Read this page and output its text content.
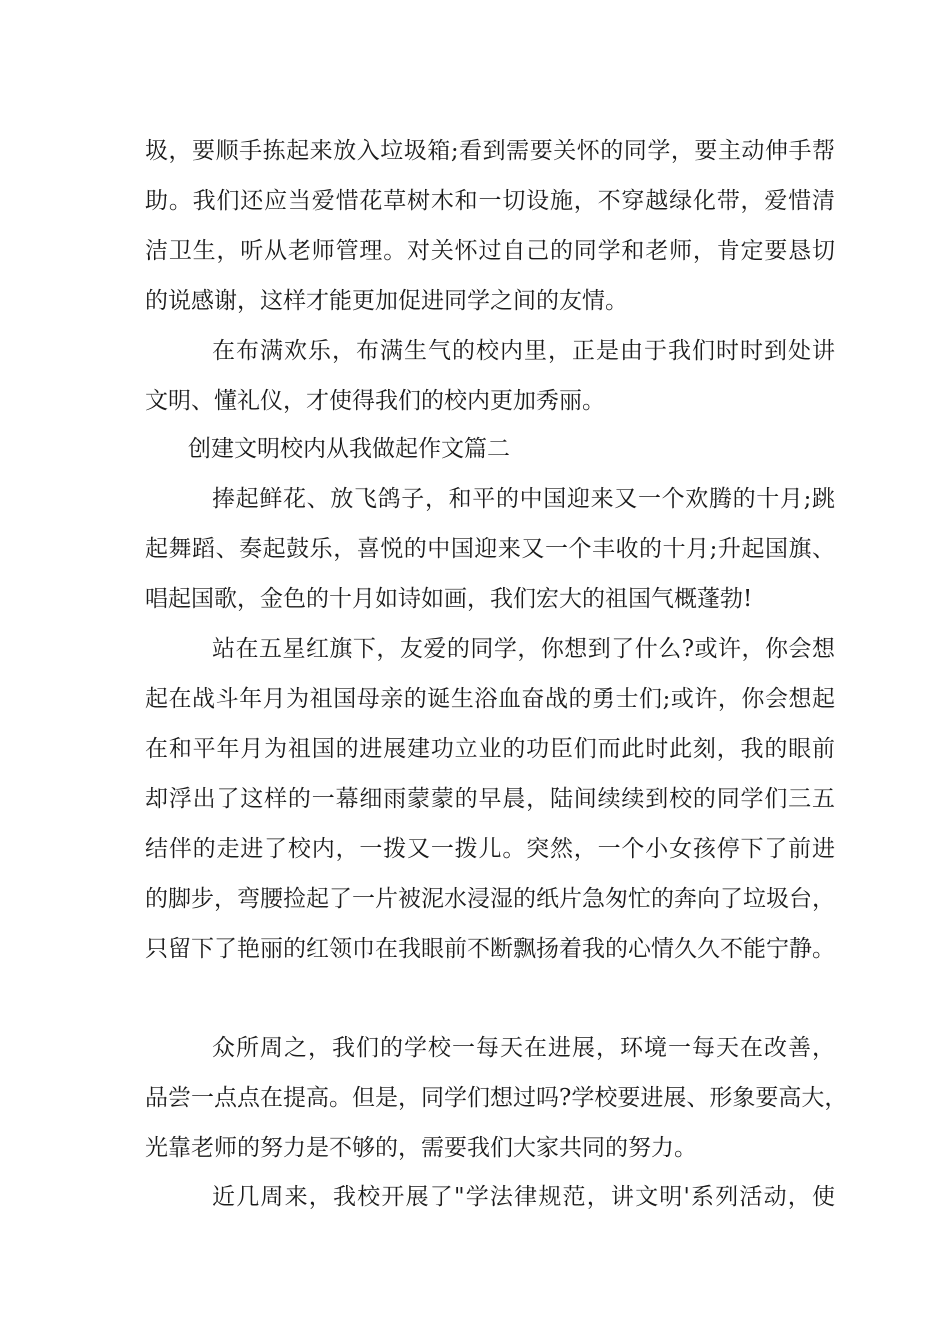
圾，要顺手拣起来放入垃圾箱;看到需要关怀的同学，要主动伸手帮
助。我们还应当爱惜花草树木和一切设施，不穿越绿化带，爱惜清
洁卫生，听从老师管理。对关怀过自己的同学和老师，肯定要恳切
的说感谢，这样才能更加促进同学之间的友情。
在布满欢乐，布满生气的校内里，正是由于我们时时到处讲
文明、懂礼仪，才使得我们的校内更加秀丽。
创建文明校内从我做起作文篇二
捧起鲜花、放飞鸽子，和平的中国迎来又一个欢腾的十月;跳
起舞蹈、奏起鼓乐，喜悦的中国迎来又一个丰收的十月;升起国旗、
唱起国歌，金色的十月如诗如画，我们宏大的祖国气概蓬勃!
站在五星红旗下，友爱的同学，你想到了什么?或许，你会想
起在战斗年月为祖国母亲的诞生浴血奋战的勇士们;或许，你会想起
在和平年月为祖国的进展建功立业的功臣们而此时此刻，我的眼前
却浮出了这样的一幕细雨蒙蒙的早晨，陆间续续到校的同学们三五
结伴的走进了校内，一拨又一拨儿。突然，一个小女孩停下了前进
的脚步，弯腰捡起了一片被泥水浸湿的纸片急匆忙的奔向了垃圾台，
只留下了艳丽的红领巾在我眼前不断飘扬着我的心情久久不能宁静。
众所周之，我们的学校一每天在进展，环境一每天在改善，
品尝一点点在提高。但是，同学们想过吗?学校要进展、形象要高大，
光靠老师的努力是不够的，需要我们大家共同的努力。
近几周来，我校开展了"学法律规范，讲文明'系列活动，使
